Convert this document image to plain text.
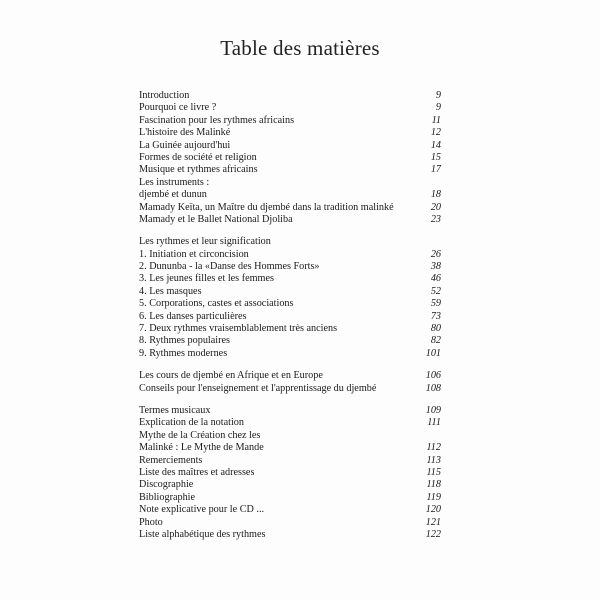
Table des matières
Introduction	9
Pourquoi ce livre ?	9
Fascination pour les rythmes africains	11
L'histoire des Malinké	12
La Guinée aujourd'hui	14
Formes de société et religion	15
Musique et rythmes africains	17
Les instruments :
djembé et dunun	18
Mamady Keïta, un Maître du djembé dans la tradition malinké	20
Mamady et le Ballet National Djoliba	23
Les rythmes et leur signification
1. Initiation et circoncision	26
2. Dununba - la «Danse des Hommes Forts»	38
3. Les jeunes filles et les femmes	46
4. Les masques	52
5. Corporations, castes et associations	59
6. Les danses particulières	73
7. Deux rythmes vraisemblablement très anciens	80
8. Rythmes populaires	82
9. Rythmes modernes	101
Les cours de djembé en Afrique et en Europe	106
Conseils pour l'enseignement et l'apprentissage du djembé	108
Termes musicaux	109
Explication de la notation	111
Mythe de la Création chez les
Malinké : Le Mythe de Mande	112
Remerciements	113
Liste des maîtres et adresses	115
Discographie	118
Bibliographie	119
Note explicative pour le CD ...	120
Photo	121
Liste alphabétique des rythmes	122
